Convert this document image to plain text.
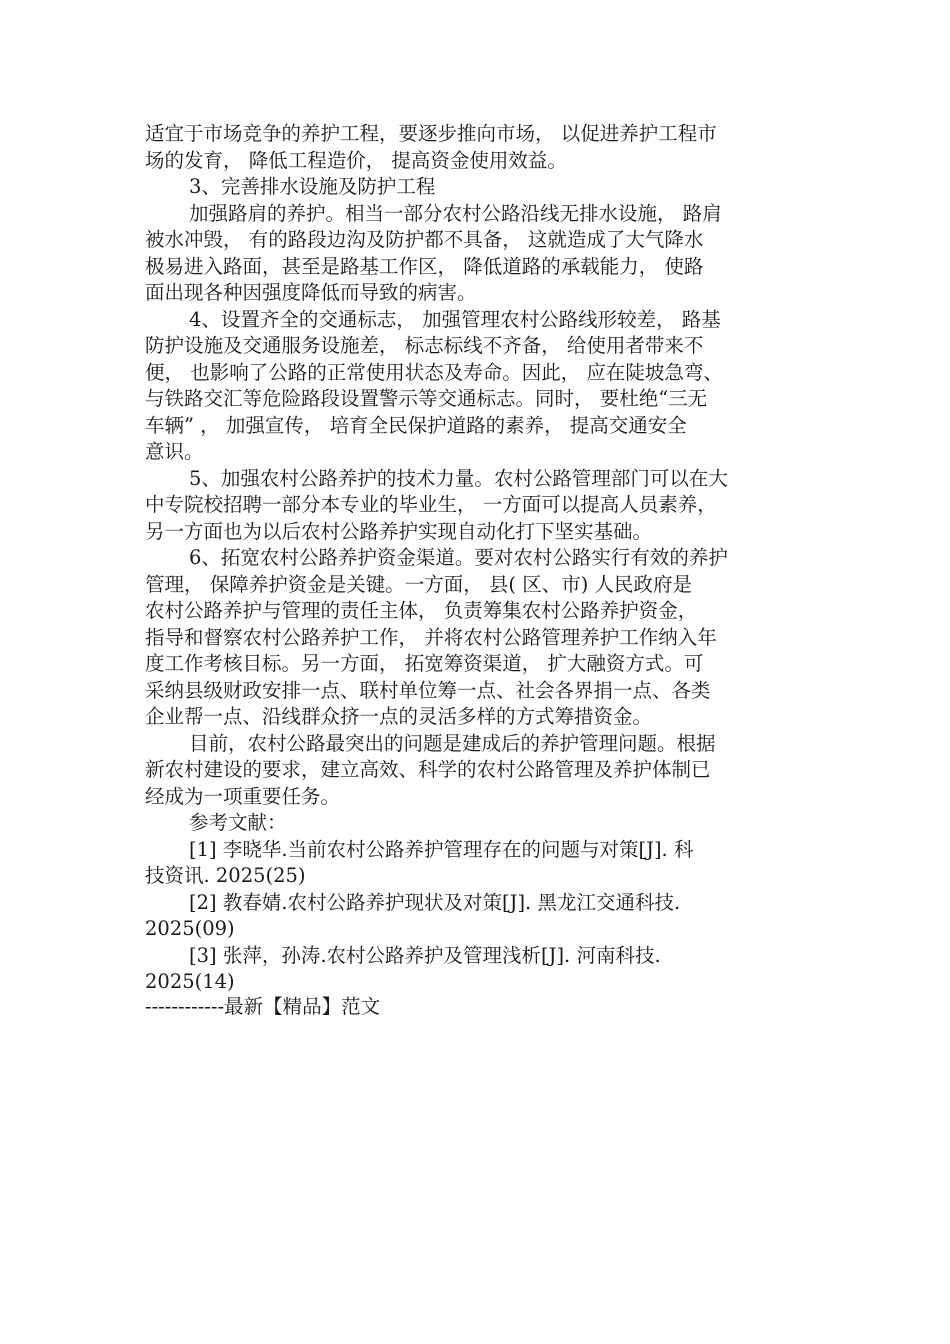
适宜于市场竞争的养护工程，要逐步推向市场， 以促进养护工程市
场的发育， 降低工程造价， 提高资金使用效益。
3、完善排水设施及防护工程
加强路肩的养护。相当一部分农村公路沿线无排水设施， 路肩
被水冲毁， 有的路段边沟及防护都不具备， 这就造成了大气降水
极易进入路面，甚至是路基工作区， 降低道路的承载能力， 使路
面出现各种因强度降低而导致的病害。
4、设置齐全的交通标志， 加强管理农村公路线形较差， 路基
防护设施及交通服务设施差， 标志标线不齐备， 给使用者带来不
便， 也影响了公路的正常使用状态及寿命。因此， 应在陡坡急弯、
与铁路交汇等危险路段设置警示等交通标志。同时， 要杜绝“三无
车辆” ， 加强宣传， 培育全民保护道路的素养， 提高交通安全
意识。
5、加强农村公路养护的技术力量。农村公路管理部门可以在大
中专院校招聘一部分本专业的毕业生， 一方面可以提高人员素养，
另一方面也为以后农村公路养护实现自动化打下坚实基础。
6、拓宽农村公路养护资金渠道。要对农村公路实行有效的养护
管理， 保障养护资金是关键。一方面， 县( 区、市) 人民政府是
农村公路养护与管理的责任主体， 负责筹集农村公路养护资金，
指导和督察农村公路养护工作， 并将农村公路管理养护工作纳入年
度工作考核目标。另一方面， 拓宽筹资渠道， 扩大融资方式。可
采纳县级财政安排一点、联村单位筹一点、社会各界捐一点、各类
企业帮一点、沿线群众挤一点的灵活多样的方式筹措资金。
目前，农村公路最突出的问题是建成后的养护管理问题。根据
新农村建设的要求，建立高效、科学的农村公路管理及养护体制已
经成为一项重要任务。
参考文献：
[1] 李晓华.当前农村公路养护管理存在的问题与对策[J]. 科
技资讯. 2025(25)
[2] 教春婧.农村公路养护现状及对策[J]. 黑龙江交通科技.
2025(09)
[3] 张萍，孙涛.农村公路养护及管理浅析[J]. 河南科技.
2025(14)
------------最新【精品】范文
